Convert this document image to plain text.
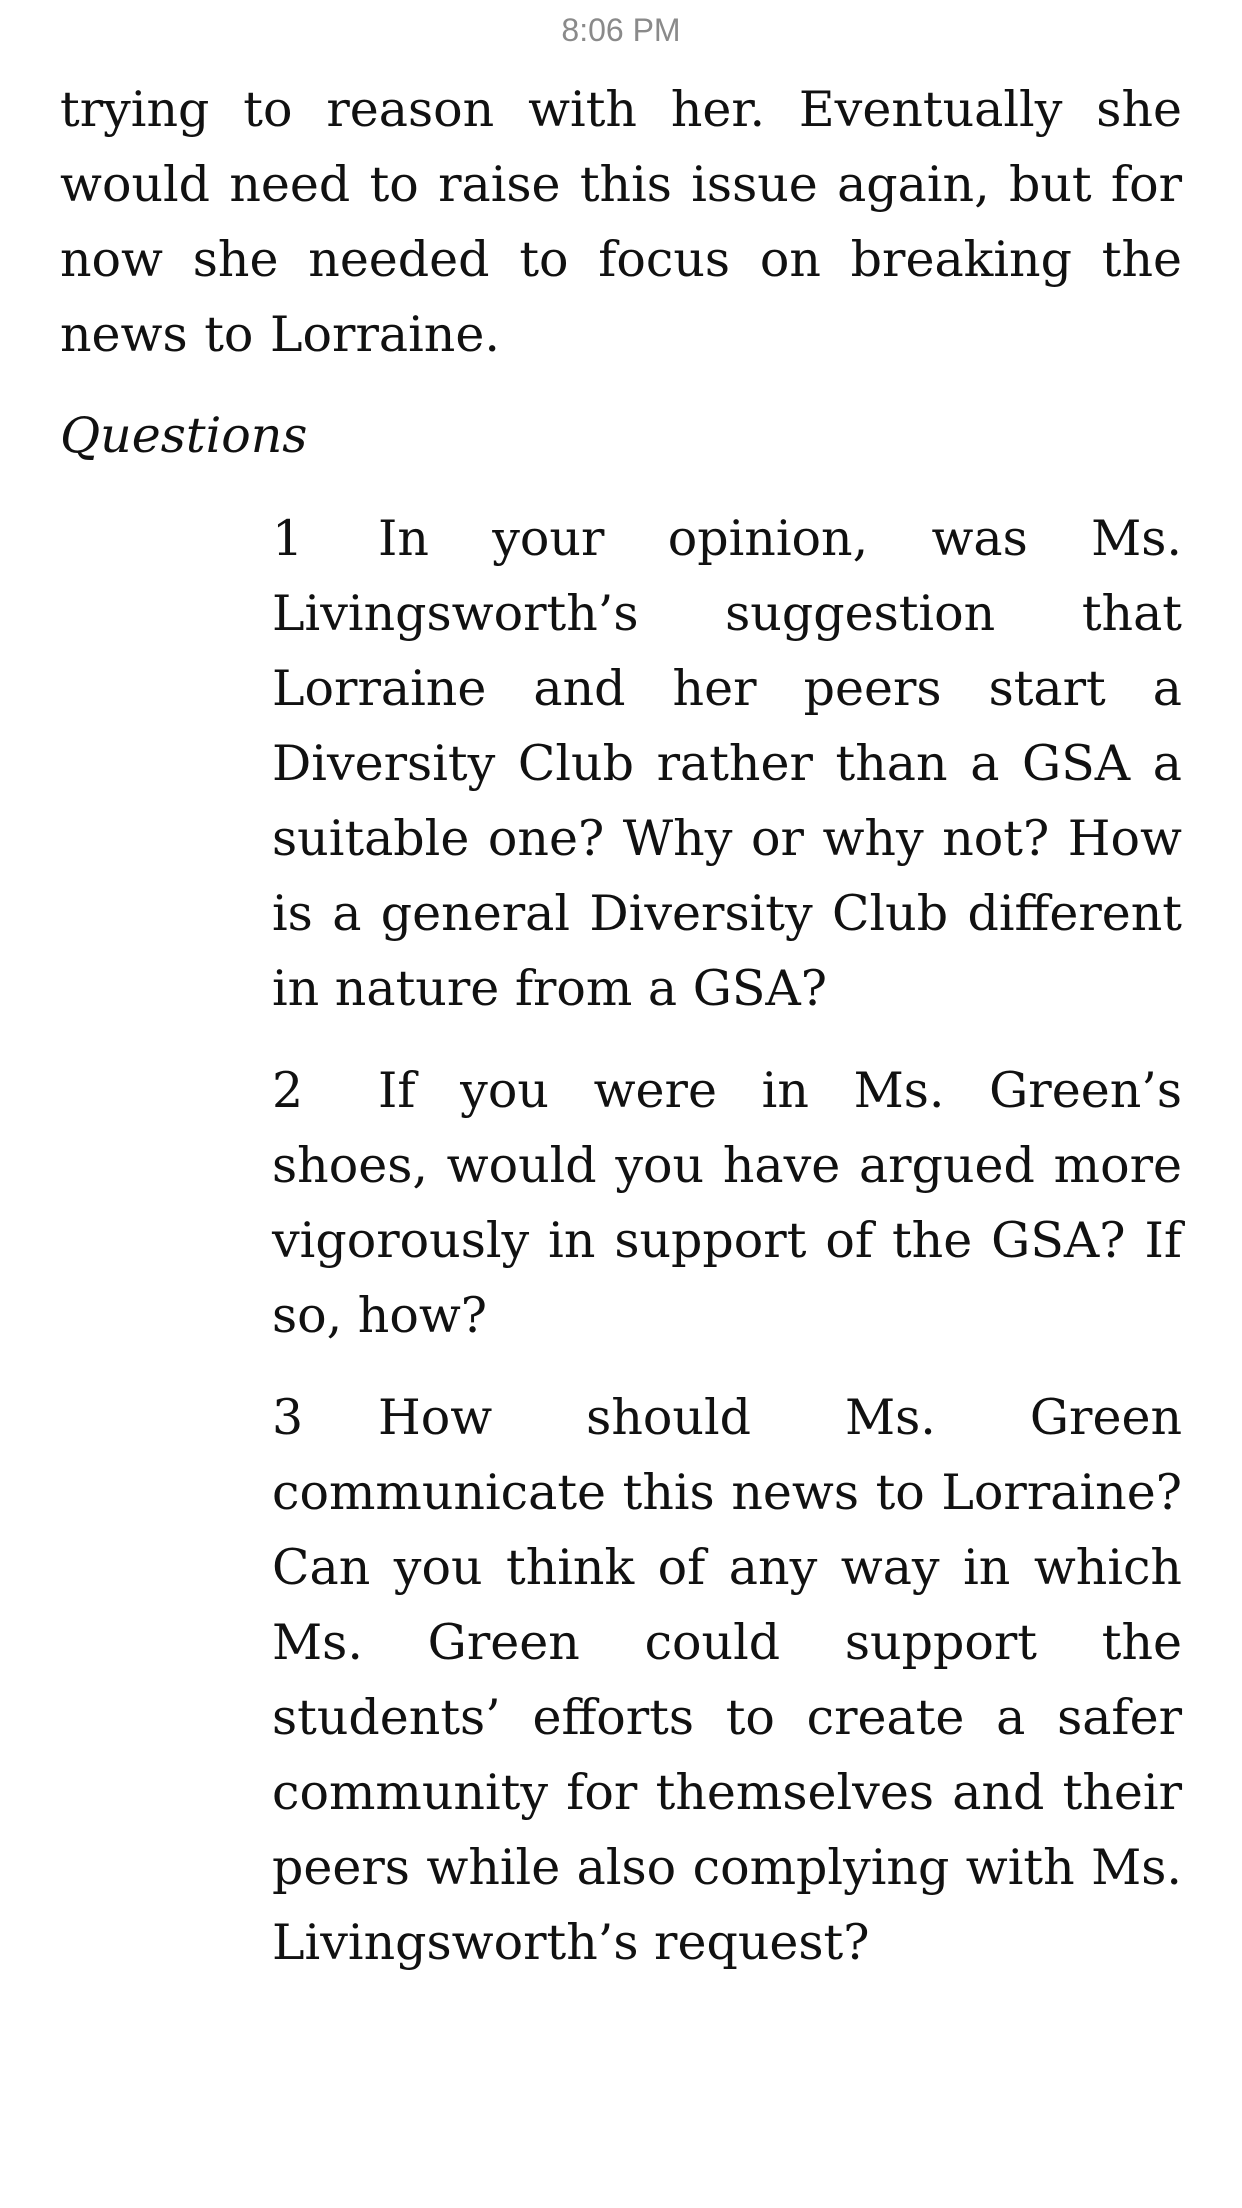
8:06 PM

trying to reason with her. Eventually she would need to raise this issue again, but for now she needed to focus on breaking the news to Lorraine.

Questions
1 In your opinion, was Ms. Livingsworth’s suggestion that Lorraine and her peers start a Diversity Club rather than a GSA a suitable one? Why or why not? How is a general Diversity Club different in nature from a GSA?
2 If you were in Ms. Green’s shoes, would you have argued more vigorously in support of the GSA? If so, how?
3 How should Ms. Green communicate this news to Lorraine? Can you think of any way in which Ms. Green could support the students’ efforts to create a safer community for themselves and their peers while also complying with Ms. Livingsworth’s request?
